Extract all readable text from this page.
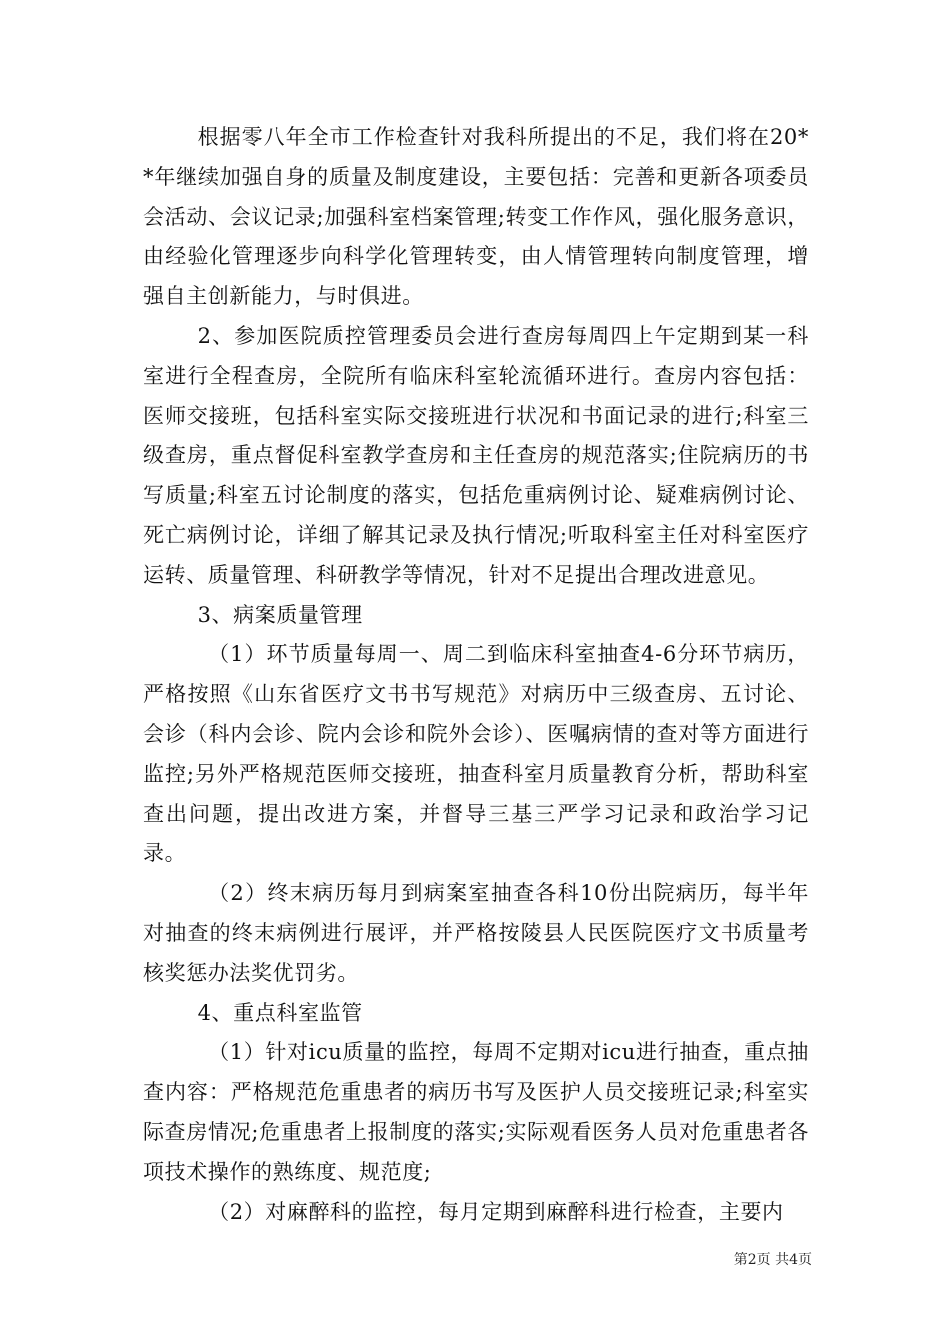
根据零八年全市工作检查针对我科所提出的不足，我们将在20**年继续加强自身的质量及制度建设，主要包括：完善和更新各项委员会活动、会议记录;加强科室档案管理;转变工作作风，强化服务意识，由经验化管理逐步向科学化管理转变，由人情管理转向制度管理，增强自主创新能力，与时俱进。

2、参加医院质控管理委员会进行查房每周四上午定期到某一科室进行全程查房，全院所有临床科室轮流循环进行。查房内容包括：医师交接班，包括科室实际交接班进行状况和书面记录的进行;科室三级查房，重点督促科室教学查房和主任查房的规范落实;住院病历的书写质量;科室五讨论制度的落实，包括危重病例讨论、疑难病例讨论、死亡病例讨论，详细了解其记录及执行情况;听取科室主任对科室医疗运转、质量管理、科研教学等情况，针对不足提出合理改进意见。

3、病案质量管理

（1）环节质量每周一、周二到临床科室抽查4-6分环节病历，严格按照《山东省医疗文书书写规范》对病历中三级查房、五讨论、会诊（科内会诊、院内会诊和院外会诊）、医嘱病情的查对等方面进行监控;另外严格规范医师交接班，抽查科室月质量教育分析，帮助科室查出问题，提出改进方案，并督导三基三严学习记录和政治学习记录。

（2）终末病历每月到病案室抽查各科10份出院病历，每半年对抽查的终末病例进行展评，并严格按陵县人民医院医疗文书质量考核奖惩办法奖优罚劣。

4、重点科室监管

（1）针对icu质量的监控，每周不定期对icu进行抽查，重点抽查内容：严格规范危重患者的病历书写及医护人员交接班记录;科室实际查房情况;危重患者上报制度的落实;实际观看医务人员对危重患者各项技术操作的熟练度、规范度;

（2）对麻醉科的监控，每月定期到麻醉科进行检查，主要内

第2页 共4页
